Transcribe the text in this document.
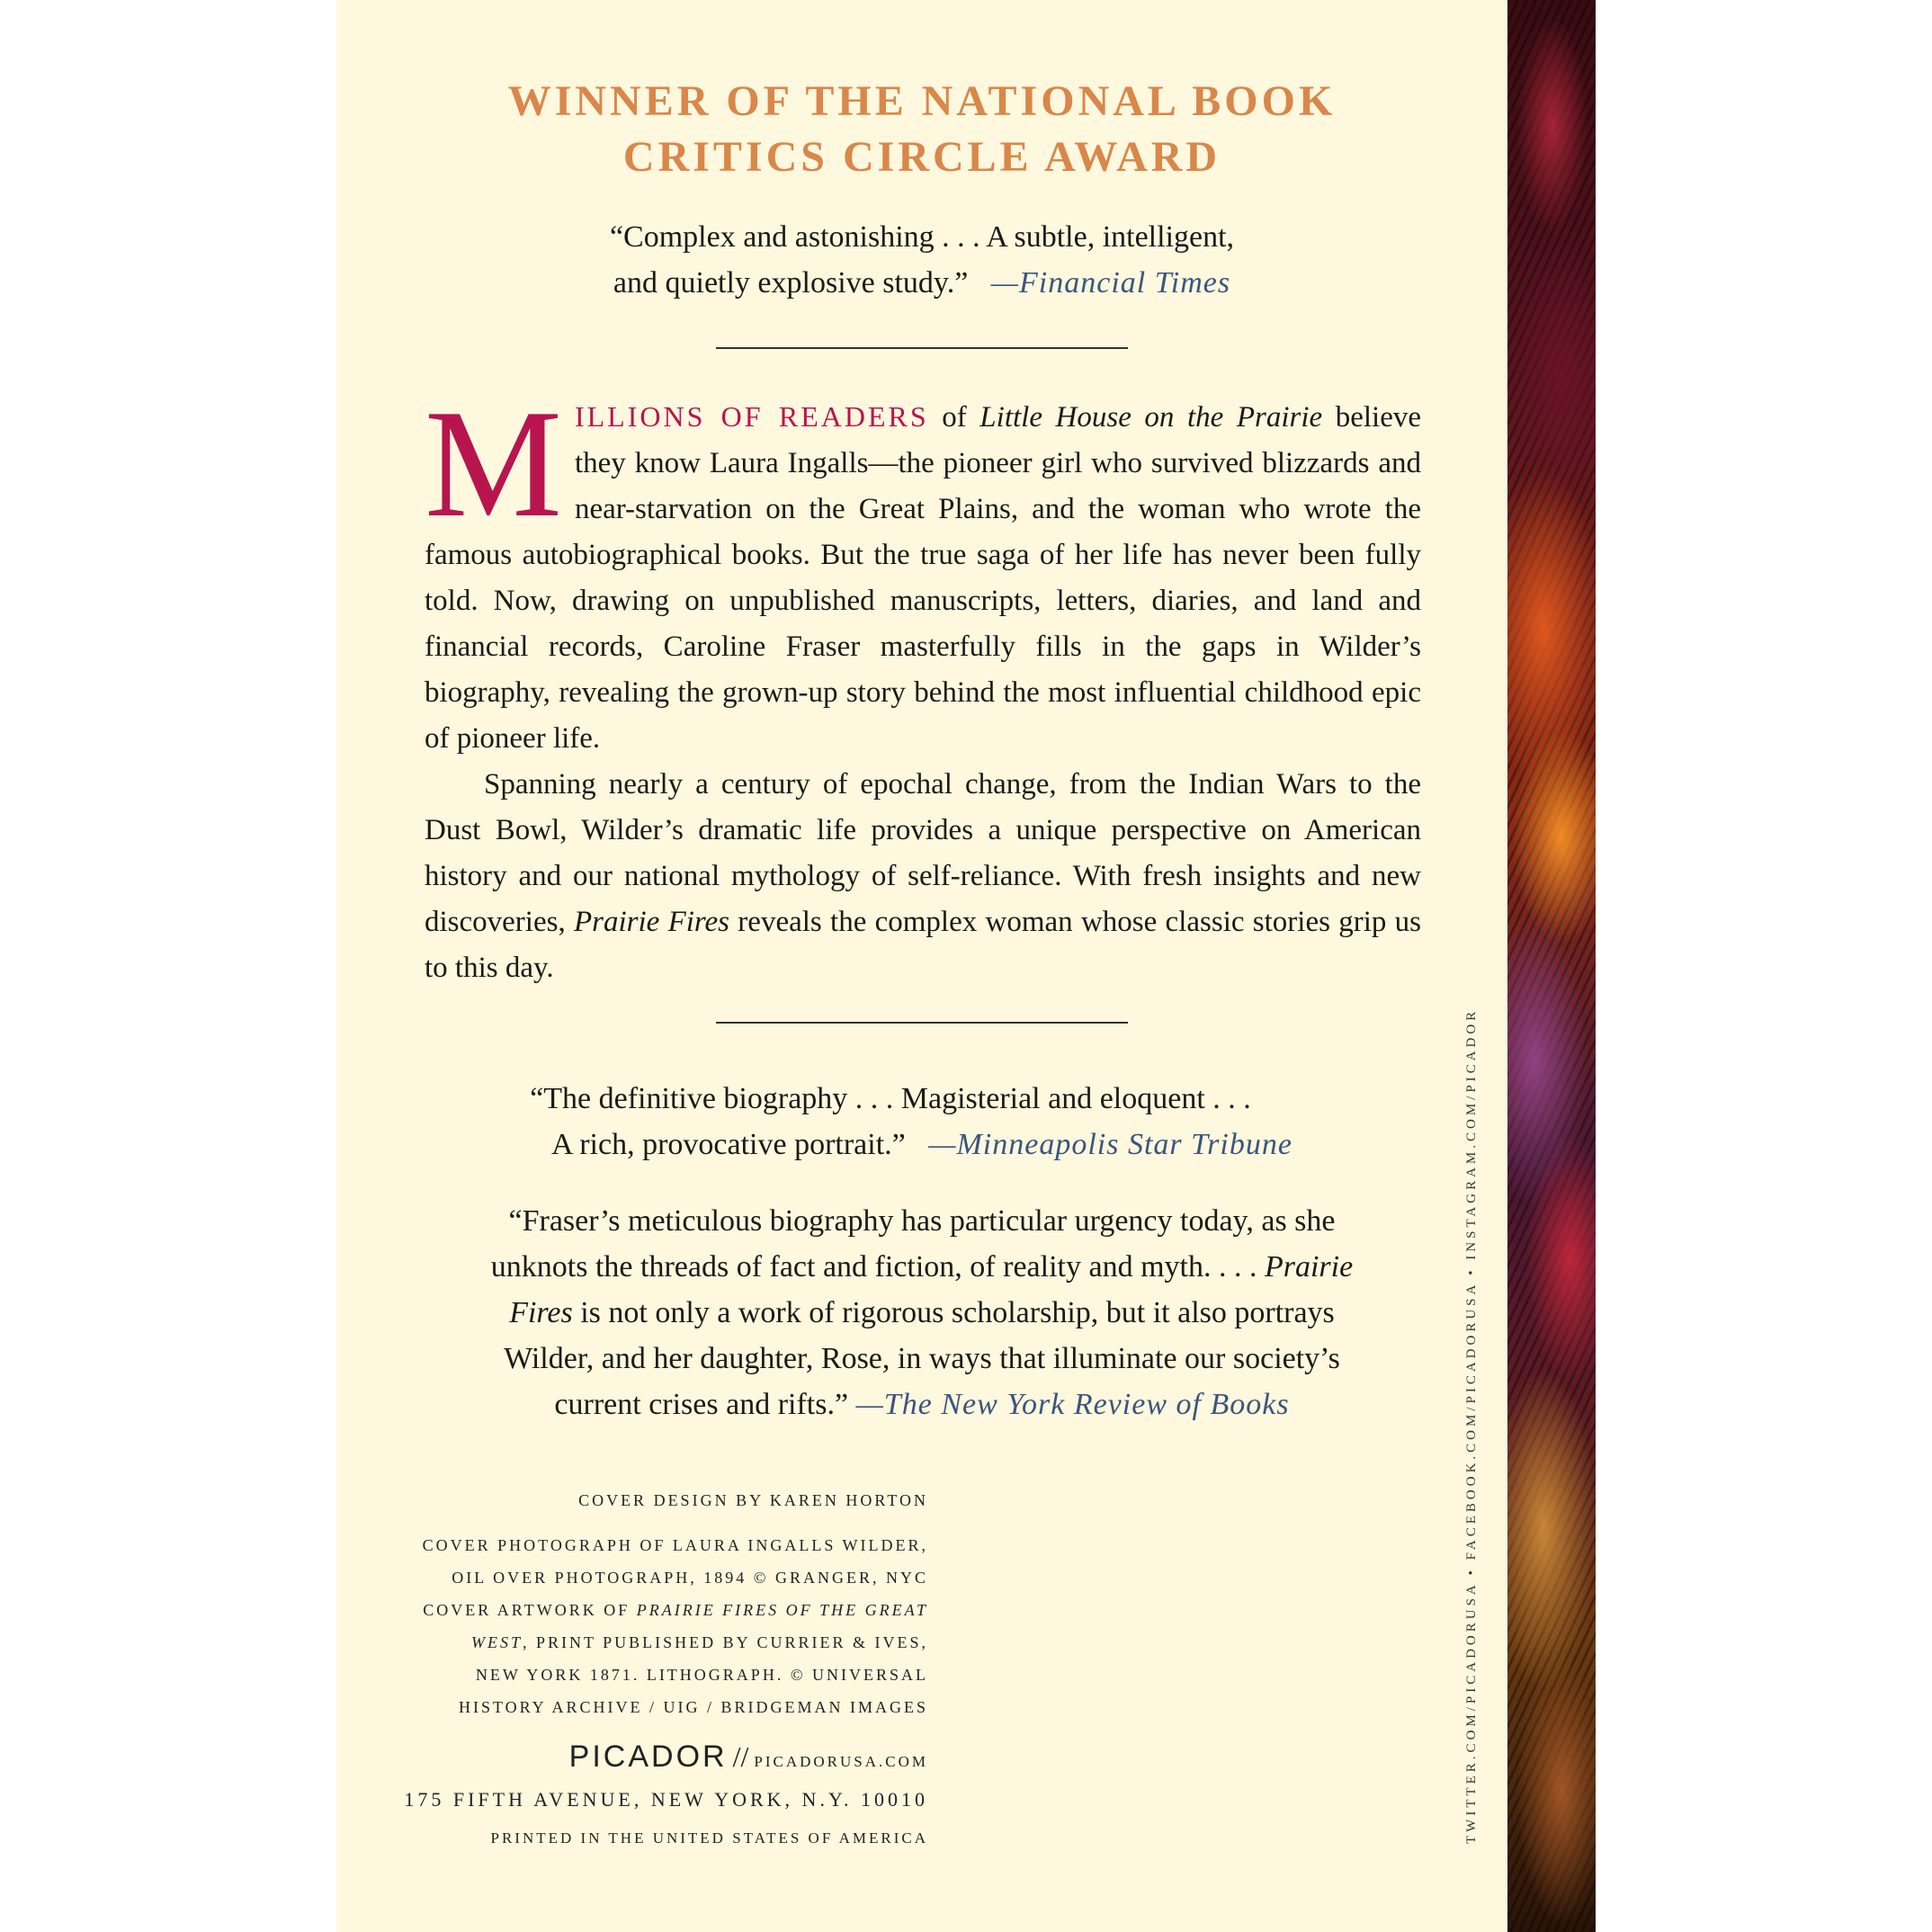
WINNER OF THE NATIONAL BOOK
CRITICS CIRCLE AWARD
“Complex and astonishing . . . A subtle, intelligent,
and quietly explosive study.” —Financial Times

M ILLIONS OF READERS of Little House on the Prairie believe they know Laura Ingalls—the pioneer girl who survived blizzards and near-starvation on the Great Plains, and the woman who wrote the famous autobiographical books. But the true saga of her life has never been fully told. Now, drawing on unpublished manuscripts, letters, diaries, and land and financial records, Caroline Fraser masterfully fills in the gaps in Wilder’s biography, revealing the grown-up story behind the most influential childhood epic of pioneer life.

Spanning nearly a century of epochal change, from the Indian Wars to the Dust Bowl, Wilder’s dramatic life provides a unique perspective on American history and our national mythology of self-reliance. With fresh insights and new discoveries, Prairie Fires reveals the complex woman whose classic stories grip us to this day.

“The definitive biography . . . Magisterial and eloquent . . .
A rich, provocative portrait.” —Minneapolis Star Tribune
“Fraser’s meticulous biography has particular urgency today, as she
unknots the threads of fact and fiction, of reality and myth. . . . Prairie
Fires is not only a work of rigorous scholarship, but it also portrays
Wilder, and her daughter, Rose, in ways that illuminate our society’s
current crises and rifts.” —The New York Review of Books
COVER DESIGN BY KAREN HORTON
COVER PHOTOGRAPH OF LAURA INGALLS WILDER,
OIL OVER PHOTOGRAPH, 1894 © GRANGER, NYC
COVER ARTWORK OF PRAIRIE FIRES OF THE GREAT
WEST, PRINT PUBLISHED BY CURRIER & IVES,
NEW YORK 1871. LITHOGRAPH. © UNIVERSAL
HISTORY ARCHIVE / UIG / BRIDGEMAN IMAGES
PICADOR // PICADORUSA.COM
175 FIFTH AVENUE, NEW YORK, N.Y. 10010
PRINTED IN THE UNITED STATES OF AMERICA	TWITTER.COM/PICADORUSA • FACEBOOK.COM/PICADORUSA • INSTAGRAM.COM/PICADOR
